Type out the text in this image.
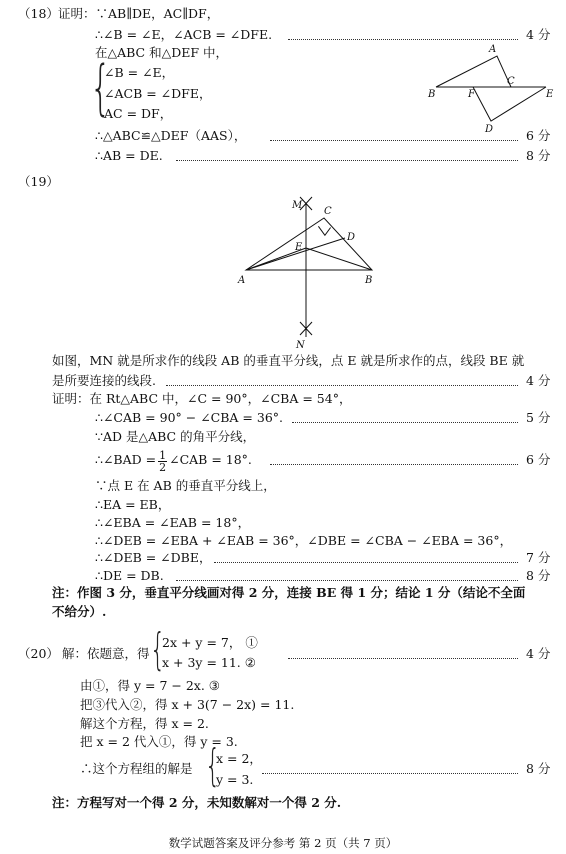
（18） 证明：∵AB∥DE，AC∥DF，
∴∠B = ∠E，∠ACB = ∠DFE.	4 分
在△ABC 和△DEF 中，
{
∠B = ∠E，
∠ACB = ∠DFE，
AC = DF，
∴△ABC≌△DEF（AAS），	6 分
∴AB = DE.	8 分
A
B
C
D
E
F
（19）
M
N
A	B
C
D
E
如图，MN 就是所求作的线段 AB 的垂直平分线，点 E 就是所求作的点，线段 BE 就
是所要连接的线段.	4 分
证明：在 Rt△ABC 中，∠C = 90°，∠CBA = 54°，
∴∠CAB = 90° − ∠CBA = 36°.	5 分
∵AD 是△ABC 的角平分线，
∴∠BAD = $\frac{1}{2}$ ∠CAB = 18°.	6 分
∵点 E 在 AB 的垂直平分线上，
∴EA = EB，
∴∠EBA = ∠EAB = 18°，
∴∠DEB = ∠EBA + ∠EAB = 36°，∠DBE = ∠CBA − ∠EBA = 36°，
∴∠DEB = ∠DBE，	7 分
∴DE = DB.	8 分
注：作图 3 分，垂直平分线画对得 2 分，连接 BE 得 1 分；结论 1 分（结论不全面
不给分）.
（20） 解：依题意，得 {
2x + y = 7， ①
x + 3y = 11. ②
4 分
由①，得 y = 7 − 2x. ③
把③代入②，得 x + 3(7 − 2x) = 11.
解这个方程，得 x = 2.
把 x = 2 代入①，得 y = 3.
∴这个方程组的解是 {
x = 2，
y = 3.
8 分
注：方程写对一个得 2 分，未知数解对一个得 2 分.
数学试题答案及评分参考 第 2 页（共 7 页）
